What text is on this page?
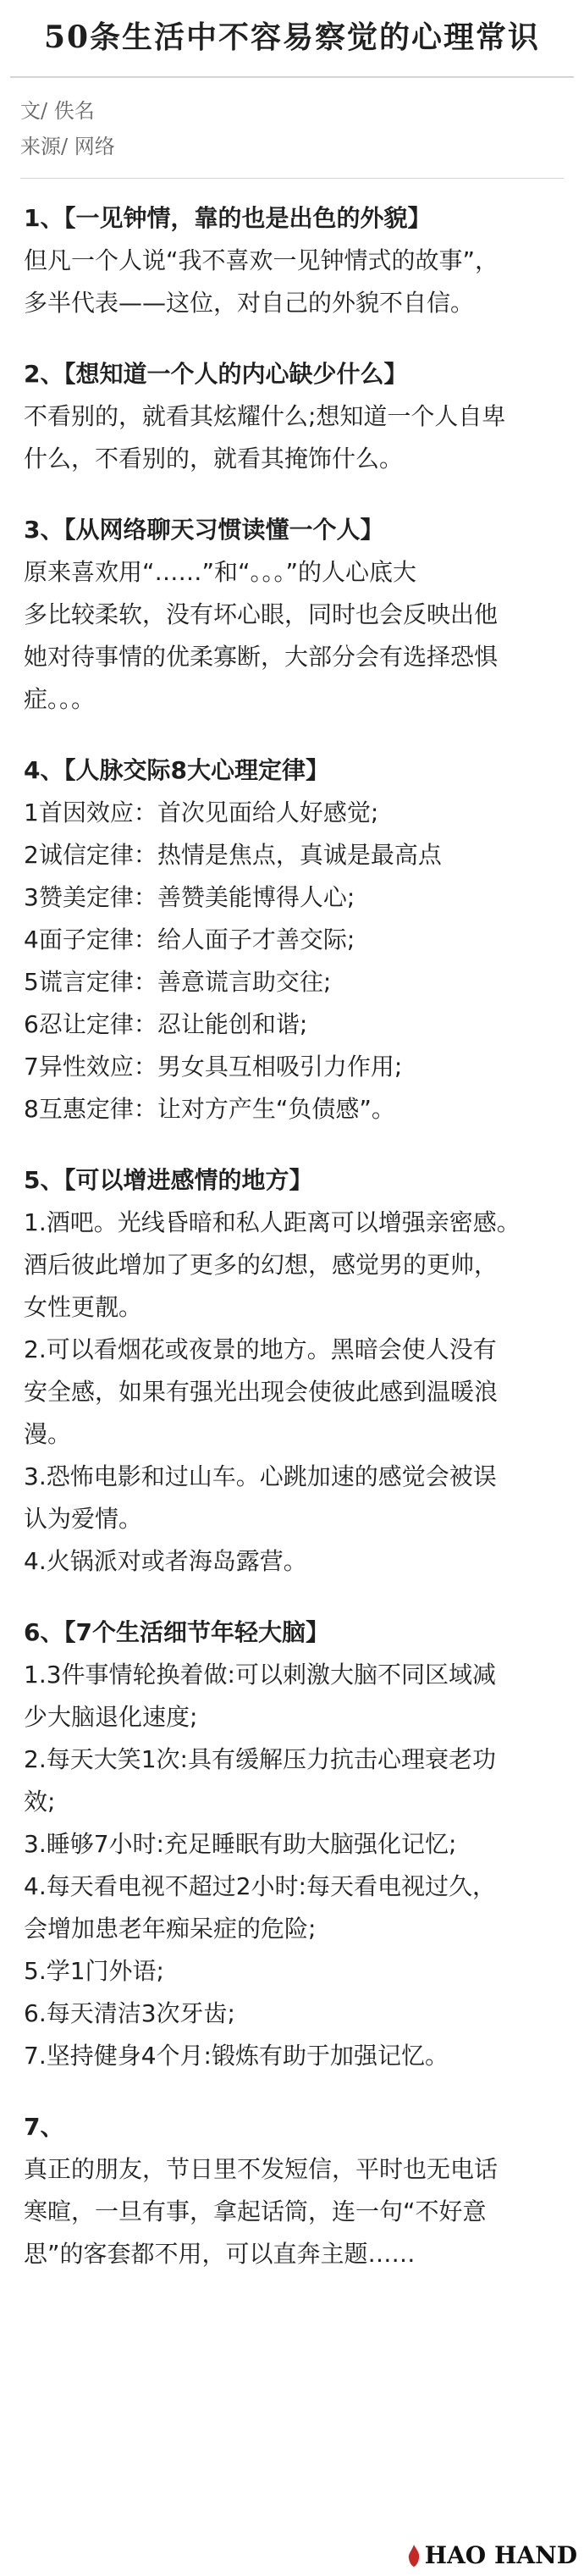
50条生活中不容易察觉的心理常识
文/ 佚名
来源/ 网络
1、【一见钟情，靠的也是出色的外貌】
但凡一个人说“我不喜欢一见钟情式的故事”，
多半代表——这位，对自己的外貌不自信。
2、【想知道一个人的内心缺少什么】
不看别的，就看其炫耀什么;想知道一个人自卑
什么，不看别的，就看其掩饰什么。
3、【从网络聊天习惯读懂一个人】
原来喜欢用“……”和“。。。”的人心底大
多比较柔软，没有坏心眼，同时也会反映出他
她对待事情的优柔寡断，大部分会有选择恐惧
症。。。
4、【人脉交际8大心理定律】
1首因效应：首次见面给人好感觉;
2诚信定律：热情是焦点，真诚是最高点
3赞美定律：善赞美能博得人心;
4面子定律：给人面子才善交际;
5谎言定律：善意谎言助交往;
6忍让定律：忍让能创和谐;
7异性效应：男女具互相吸引力作用;
8互惠定律：让对方产生“负债感”。
5、【可以增进感情的地方】
1.酒吧。光线昏暗和私人距离可以增强亲密感。
酒后彼此增加了更多的幻想，感觉男的更帅，
女性更靓。
2.可以看烟花或夜景的地方。黑暗会使人没有
安全感，如果有强光出现会使彼此感到温暖浪
漫。
3.恐怖电影和过山车。心跳加速的感觉会被误
认为爱情。
4.火锅派对或者海岛露营。
6、【7个生活细节年轻大脑】
1.3件事情轮换着做:可以刺激大脑不同区域减
少大脑退化速度;
2.每天大笑1次:具有缓解压力抗击心理衰老功
效;
3.睡够7小时:充足睡眠有助大脑强化记忆;
4.每天看电视不超过2小时:每天看电视过久，
会增加患老年痴呆症的危险;
5.学1门外语;
6.每天清洁3次牙齿;
7.坚持健身4个月:锻炼有助于加强记忆。
7、
真正的朋友，节日里不发短信，平时也无电话
寒暄，一旦有事，拿起话筒，连一句“不好意
思”的客套都不用，可以直奔主题……
HAO HAND
